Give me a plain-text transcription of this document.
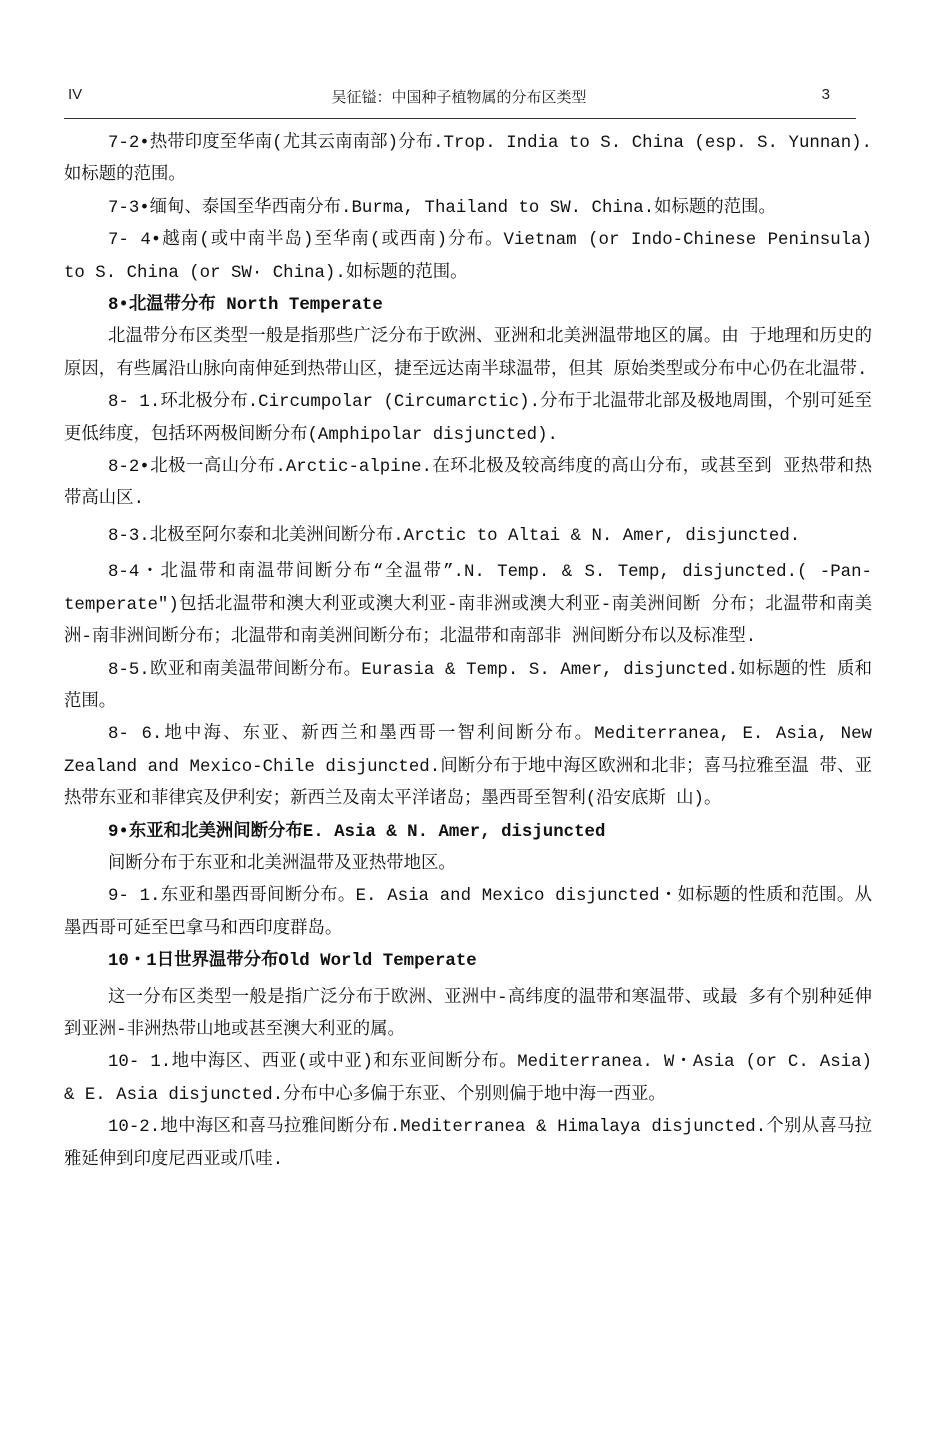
IV	吴征镒：中国种子植物属的分布区类型	3

7-2•热带印度至华南(尤其云南南部)分布.Trop. India to S. China (esp. S. Yunnan).如标题的范围。

7-3•缅甸、泰国至华西南分布.Burma, Thailand to SW. China.如标题的范围。

7- 4•越南(或中南半岛)至华南(或西南)分布。Vietnam (or Indo-Chinese Peninsula) to S. China (or SW· China).如标题的范围。

8•北温带分布 North Temperate

北温带分布区类型一般是指那些广泛分布于欧洲、亚洲和北美洲温带地区的属。由 于地理和历史的原因，有些属沿山脉向南伸延到热带山区，捷至远达南半球温带，但其 原始类型或分布中心仍在北温带.

8- 1.环北极分布.Circumpolar (Circumarctic).分布于北温带北部及极地周围，个别可延至更低纬度，包括环两极间断分布(Amphipolar disjuncted).

8-2•北极一高山分布.Arctic-alpine.在环北极及较高纬度的高山分布，或甚至到 亚热带和热带高山区.

8-3.北极至阿尔泰和北美洲间断分布.Arctic to Altai & N. Amer, disjuncted.

8-4・北温带和南温带间断分布“全温带”.N. Temp. & S. Temp, disjuncted.( -Pan-temperate")包括北温带和澳大利亚或澳大利亚-南非洲或澳大利亚-南美洲间断 分布；北温带和南美洲-南非洲间断分布；北温带和南美洲间断分布；北温带和南部非 洲间断分布以及标准型.

8-5.欧亚和南美温带间断分布。Eurasia & Temp. S. Amer, disjuncted.如标题的性 质和范围。

8- 6.地中海、东亚、新西兰和墨西哥一智利间断分布。Mediterranea, E. Asia, New Zealand and Mexico-Chile disjuncted.间断分布于地中海区欧洲和北非；喜马拉雅至温 带、亚热带东亚和菲律宾及伊利安；新西兰及南太平洋诸岛；墨西哥至智利(沿安底斯 山)。

9•东亚和北美洲间断分布E. Asia & N. Amer, disjuncted

间断分布于东亚和北美洲温带及亚热带地区。

9- 1.东亚和墨西哥间断分布。E. Asia and Mexico disjuncted・如标题的性质和范围。从墨西哥可延至巴拿马和西印度群岛。

10・1日世界温带分布Old World Temperate

这一分布区类型一般是指广泛分布于欧洲、亚洲中-高纬度的温带和寒温带、或最 多有个别种延伸到亚洲-非洲热带山地或甚至澳大利亚的属。

10- 1.地中海区、西亚(或中亚)和东亚间断分布。Mediterranea. W・Asia (or C. Asia) & E. Asia disjuncted.分布中心多偏于东亚、个别则偏于地中海一西亚。

10-2.地中海区和喜马拉雅间断分布.Mediterranea & Himalaya disjuncted.个别从喜马拉雅延伸到印度尼西亚或爪哇.
